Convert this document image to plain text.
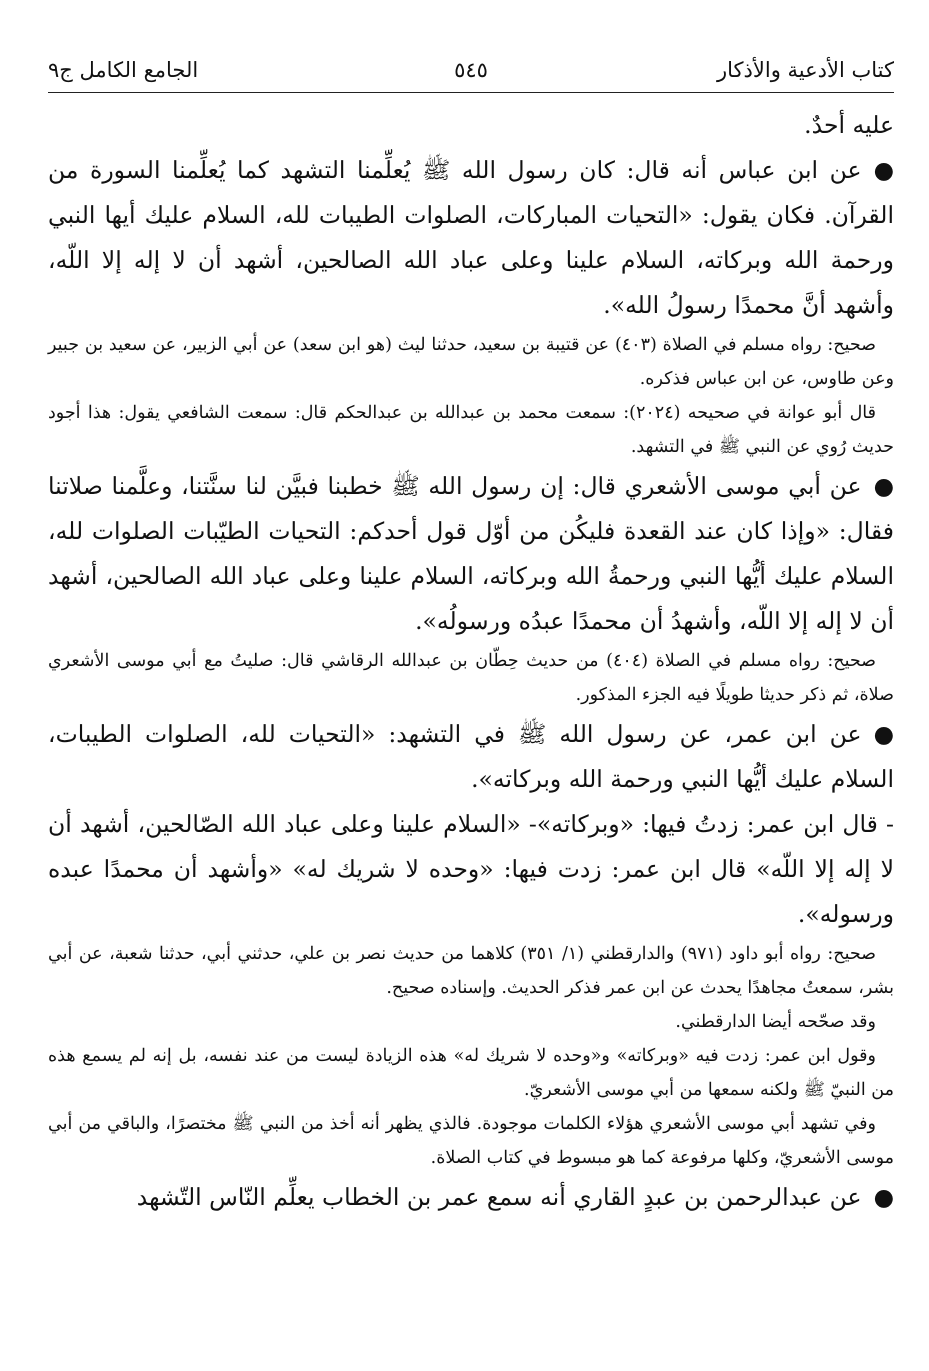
كتاب الأدعية والأذكار
٥٤٥
الجامع الكامل ج٩

عليه أحدٌ.

●عن ابن عباس أنه قال: كان رسول الله ﷺ يُعلِّمنا التشهد كما يُعلِّمنا السورة من القرآن. فكان يقول: «التحيات المباركات، الصلوات الطيبات لله، السلام عليك أيها النبي ورحمة الله وبركاته، السلام علينا وعلى عباد الله الصالحين، أشهد أن لا إله إلا اللّه، وأشهد أنَّ محمدًا رسولُ الله».

صحيح: رواه مسلم في الصلاة (٤٠٣) عن قتيبة بن سعيد، حدثنا ليث (هو ابن سعد) عن أبي الزبير، عن سعيد بن جبير وعن طاوس، عن ابن عباس فذكره.

قال أبو عوانة في صحيحه (٢٠٢٤): سمعت محمد بن عبدالله بن عبدالحكم قال: سمعت الشافعي يقول: هذا أجود حديث رُوي عن النبي ﷺ في التشهد.

●عن أبي موسى الأشعري قال: إن رسول الله ﷺ خطبنا فبيَّن لنا سنَّتنا، وعلَّمنا صلاتنا فقال: «وإذا كان عند القعدة فليكُن من أوّل قول أحدكم: التحيات الطيّبات الصلوات لله، السلام عليك أيُّها النبي ورحمةُ الله وبركاته، السلام علينا وعلى عباد الله الصالحين، أشهد أن لا إله إلا اللّه، وأشهدُ أن محمدًا عبدُه ورسولُه».

صحيح: رواه مسلم في الصلاة (٤٠٤) من حديث حِطّان بن عبدالله الرقاشي قال: صليتُ مع أبي موسى الأشعري صلاة، ثم ذكر حديثا طويلًا فيه الجزء المذكور.

●عن ابن عمر، عن رسول الله ﷺ في التشهد: «التحيات لله، الصلوات الطيبات، السلام عليك أيُّها النبي ورحمة الله وبركاته».

- قال ابن عمر: زدتُ فيها: «وبركاته»- «السلام علينا وعلى عباد الله الصّالحين، أشهد أن لا إله إلا اللّه» قال ابن عمر: زدت فيها: «وحده لا شريك له» «وأشهد أن محمدًا عبده ورسوله».

صحيح: رواه أبو داود (٩٧١) والدارقطني (١/ ٣٥١) كلاهما من حديث نصر بن علي، حدثني أبي، حدثنا شعبة، عن أبي بشر، سمعتُ مجاهدًا يحدث عن ابن عمر فذكر الحديث. وإسناده صحيح.

وقد صحّحه أيضا الدارقطني.

وقول ابن عمر: زدت فيه «وبركاته» و«وحده لا شريك له» هذه الزيادة ليست من عند نفسه، بل إنه لم يسمع هذه من النبيّ ﷺ ولكنه سمعها من أبي موسى الأشعريّ.

وفي تشهد أبي موسى الأشعري هؤلاء الكلمات موجودة. فالذي يظهر أنه أخذ من النبي ﷺ مختصرًا، والباقي من أبي موسى الأشعريّ، وكلها مرفوعة كما هو مبسوط في كتاب الصلاة.

●عن عبدالرحمن بن عبدٍ القاري أنه سمع عمر بن الخطاب يعلِّم النّاس التّشهد
